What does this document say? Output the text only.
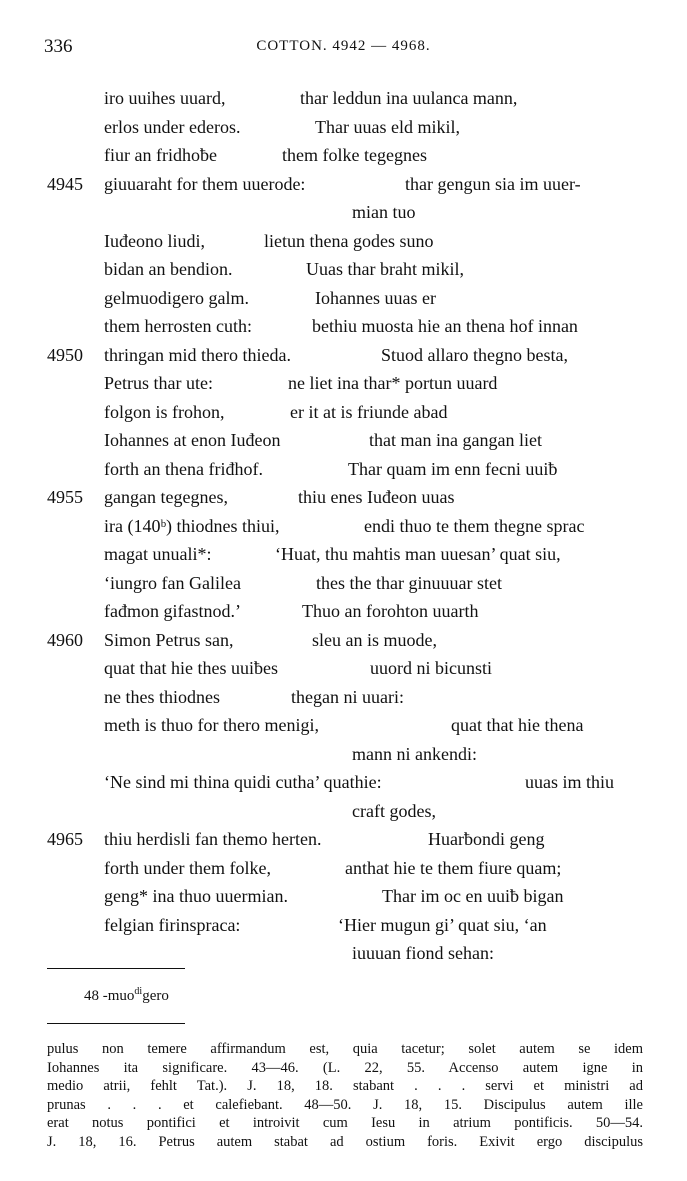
336	COTTON. 4942 — 4968.
iro uuihes uuard,	thar leddun ina uulanca mann,
erlos under ederos.	Thar uuas eld mikil,
fiur an fridhoƀe	them folke tegegnes
4945 giuuaraht for them uuerode:	thar gengun sia im uuer-
mian tuo
Iuđeono liudi,	lietun thena godes suno
bidan an bendion.	Uuas thar braht mikil,
gelmuodigero galm.	Iohannes uuas er
them herrosten cuth:	bethiu muosta hie an thena hof innan
4950 thringan mid thero thieda.	Stuod allaro thegno besta,
Petrus thar ute:	ne liet ina thar* portun uuard
folgon is frohon,	er it at is friunde abad
Iohannes at enon Iuđeon	that man ina gangan liet
forth an thena friđhof.	Thar quam im enn fecni uuiƀ
4955 gangan tegegnes,	thiu enes Iuđeon uuas
ira (140ᵇ) thiodnes thiui,	endi thuo te them thegne sprac
magat unuali*:	‘Huat, thu mahtis man uuesan’ quat siu,
‘iungro fan Galilea	thes the thar ginuuuar stet
fađmon gifastnod.’	Thuo an forohton uuarth
4960 Simon Petrus san,	sleu an is muode,
quat that hie thes uuiƀes	uuord ni bicunsti
ne thes thiodnes	thegan ni uuari:
meth is thuo for thero menigi,	quat that hie thena
mann ni ankendi:
‘Ne sind mi thina quidi cutha’ quathie:	uuas im thiu
craft godes,
4965 thiu herdisli fan themo herten.	Huarƀondi geng
forth under them folke,	anthat hie te them fiure quam;
geng* ina thuo uuermian.	Thar im oc en uuiƀ bigan
felgian firinspraca:	‘Hier mugun gi’ quat siu, ‘an
iuuuan fiond sehan:
48 -muo$^{di}$gero
pulus non temere affirmandum est, quia tacetur; solet autem se idem
Iohannes ita significare. 43—46. (L. 22, 55. Accenso autem igne in
medio atrii, fehlt Tat.). J. 18, 18. stabant . . . servi et ministri ad
prunas . . . et calefiebant. 48—50. J. 18, 15. Discipulus autem ille
erat notus pontifici et introivit cum Iesu in atrium pontificis. 50—54.
J. 18, 16. Petrus autem stabat ad ostium foris. Exivit ergo discipulus
